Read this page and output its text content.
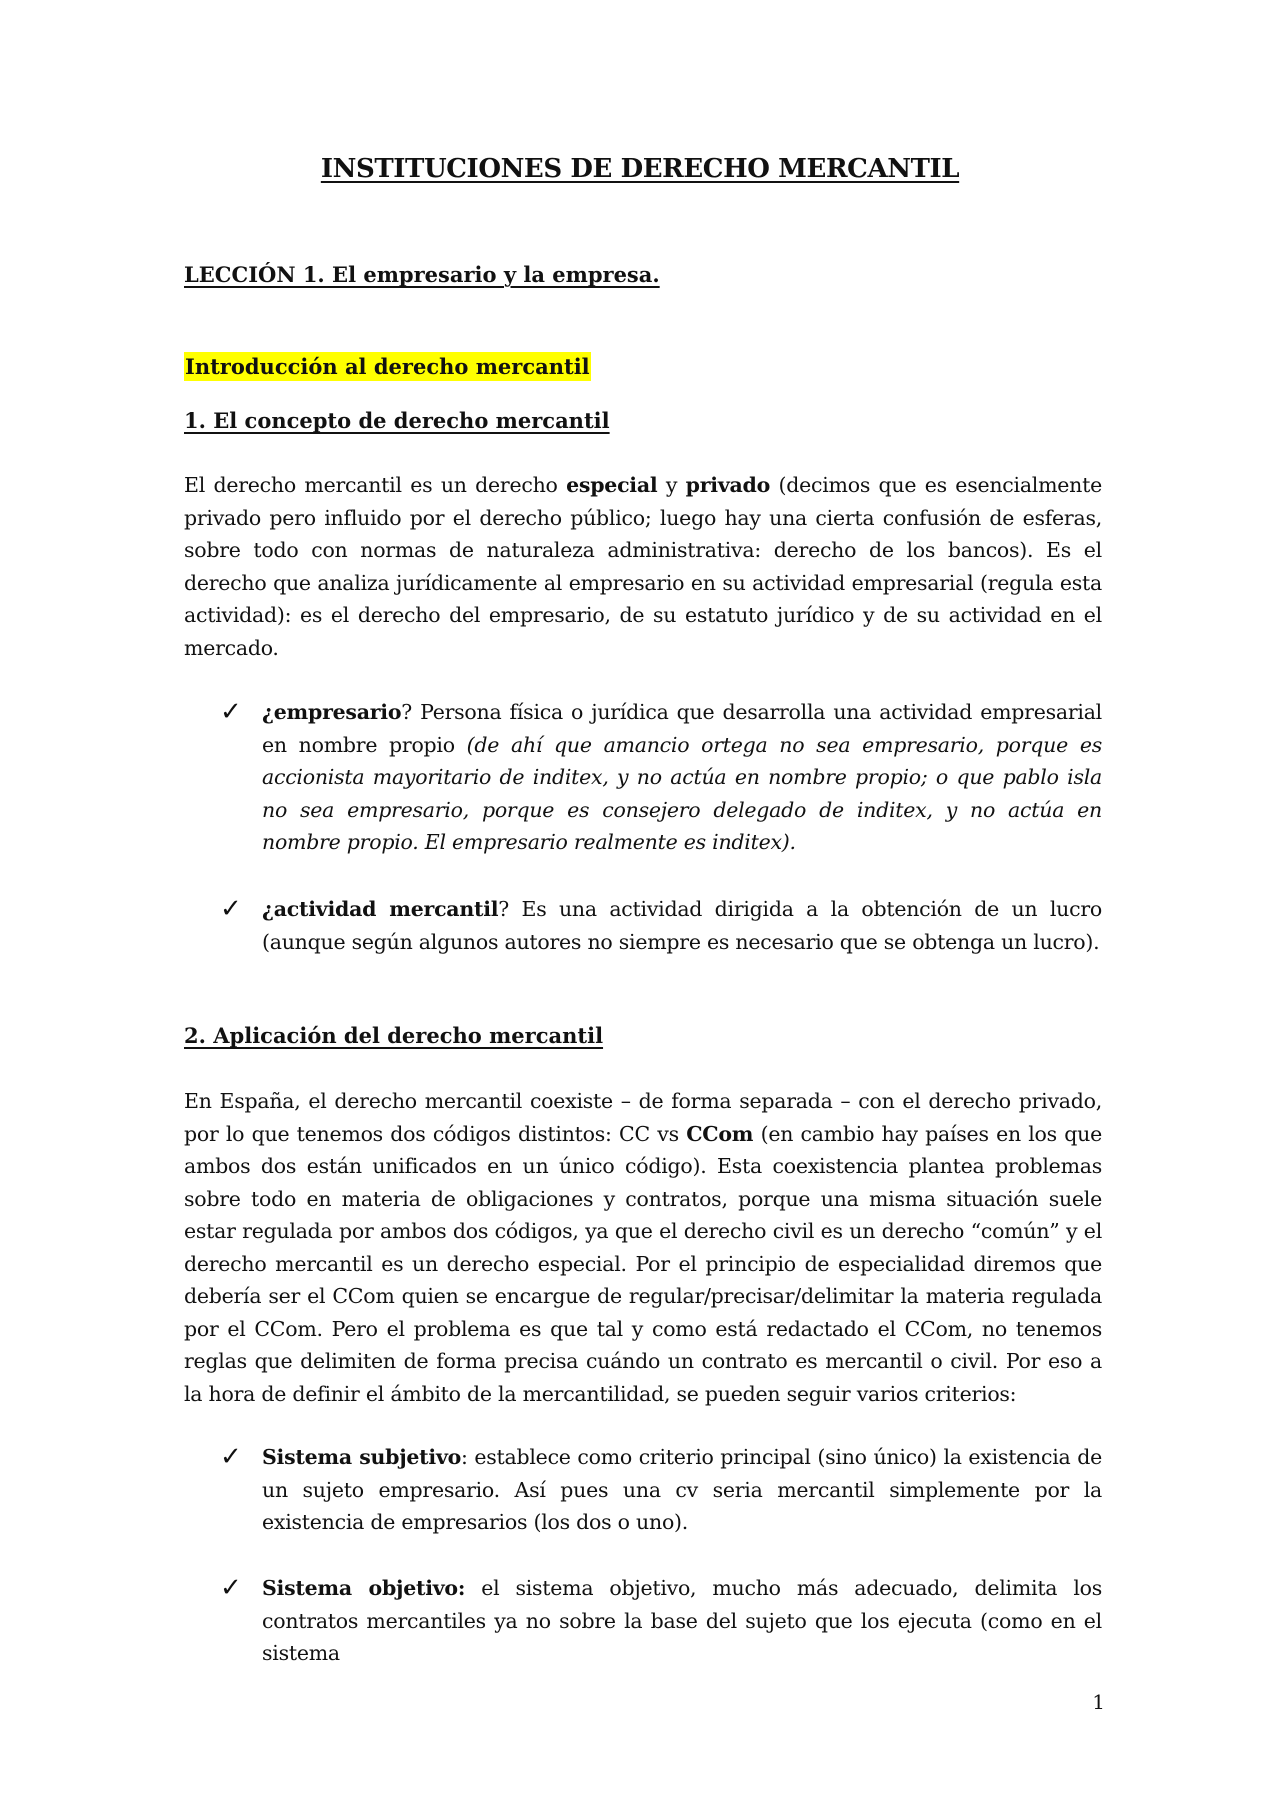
INSTITUCIONES DE DERECHO MERCANTIL
LECCIÓN 1. El empresario y la empresa.
Introducción al derecho mercantil
1. El concepto de derecho mercantil

El derecho mercantil es un derecho especial y privado (decimos que es esencialmente privado pero influido por el derecho público; luego hay una cierta confusión de esferas, sobre todo con normas de naturaleza administrativa: derecho de los bancos). Es el derecho que analiza jurídicamente al empresario en su actividad empresarial (regula esta actividad): es el derecho del empresario, de su estatuto jurídico y de su actividad en el mercado.

✓ ¿empresario? Persona física o jurídica que desarrolla una actividad empresarial en nombre propio (de ahí que amancio ortega no sea empresario, porque es accionista mayoritario de inditex, y no actúa en nombre propio; o que pablo isla no sea empresario, porque es consejero delegado de inditex, y no actúa en nombre propio. El empresario realmente es inditex).

✓ ¿actividad mercantil? Es una actividad dirigida a la obtención de un lucro (aunque según algunos autores no siempre es necesario que se obtenga un lucro).

2. Aplicación del derecho mercantil

En España, el derecho mercantil coexiste – de forma separada – con el derecho privado, por lo que tenemos dos códigos distintos: CC vs CCom (en cambio hay países en los que ambos dos están unificados en un único código). Esta coexistencia plantea problemas sobre todo en materia de obligaciones y contratos, porque una misma situación suele estar regulada por ambos dos códigos, ya que el derecho civil es un derecho “común” y el derecho mercantil es un derecho especial. Por el principio de especialidad diremos que debería ser el CCom quien se encargue de regular/precisar/delimitar la materia regulada por el CCom. Pero el problema es que tal y como está redactado el CCom, no tenemos reglas que delimiten de forma precisa cuándo un contrato es mercantil o civil. Por eso a la hora de definir el ámbito de la mercantilidad, se pueden seguir varios criterios:

✓ Sistema subjetivo: establece como criterio principal (sino único) la existencia de un sujeto empresario. Así pues una cv seria mercantil simplemente por la existencia de empresarios (los dos o uno).

✓ Sistema objetivo: el sistema objetivo, mucho más adecuado, delimita los contratos mercantiles ya no sobre la base del sujeto que los ejecuta (como en el sistema

1
